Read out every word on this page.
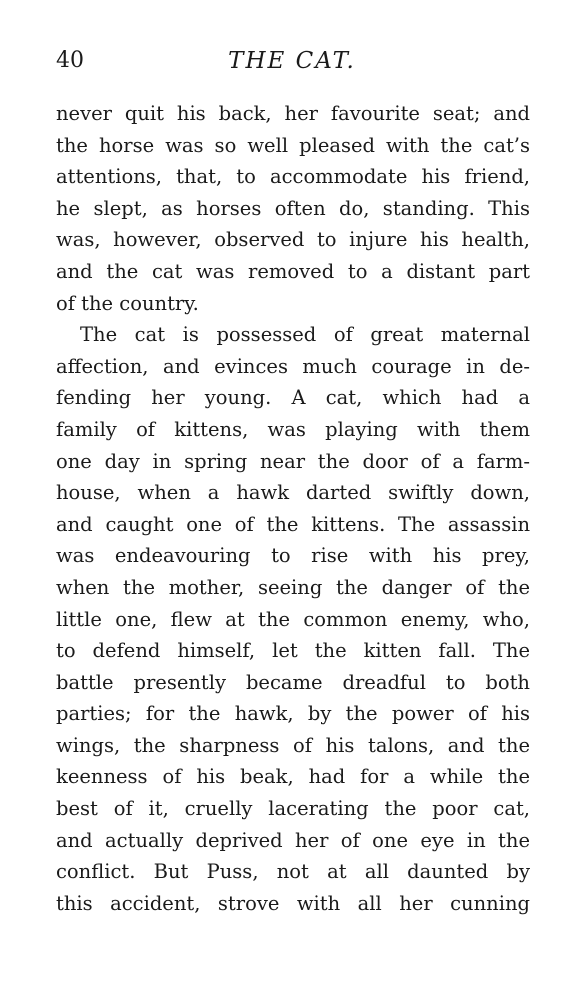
40	THE CAT.
never quit his back, her favourite seat; and
the horse was so well pleased with the cat’s
attentions, that, to accommodate his friend,
he slept, as horses often do, standing. This
was, however, observed to injure his health,
and the cat was removed to a distant part
of the country.
The cat is possessed of great maternal
affection, and evinces much courage in de-
fending her young. A cat, which had a
family of kittens, was playing with them
one day in spring near the door of a farm-
house, when a hawk darted swiftly down,
and caught one of the kittens. The assassin
was endeavouring to rise with his prey,
when the mother, seeing the danger of the
little one, flew at the common enemy, who,
to defend himself, let the kitten fall. The
battle presently became dreadful to both
parties; for the hawk, by the power of his
wings, the sharpness of his talons, and the
keenness of his beak, had for a while the
best of it, cruelly lacerating the poor cat,
and actually deprived her of one eye in the
conflict. But Puss, not at all daunted by
this accident, strove with all her cunning
